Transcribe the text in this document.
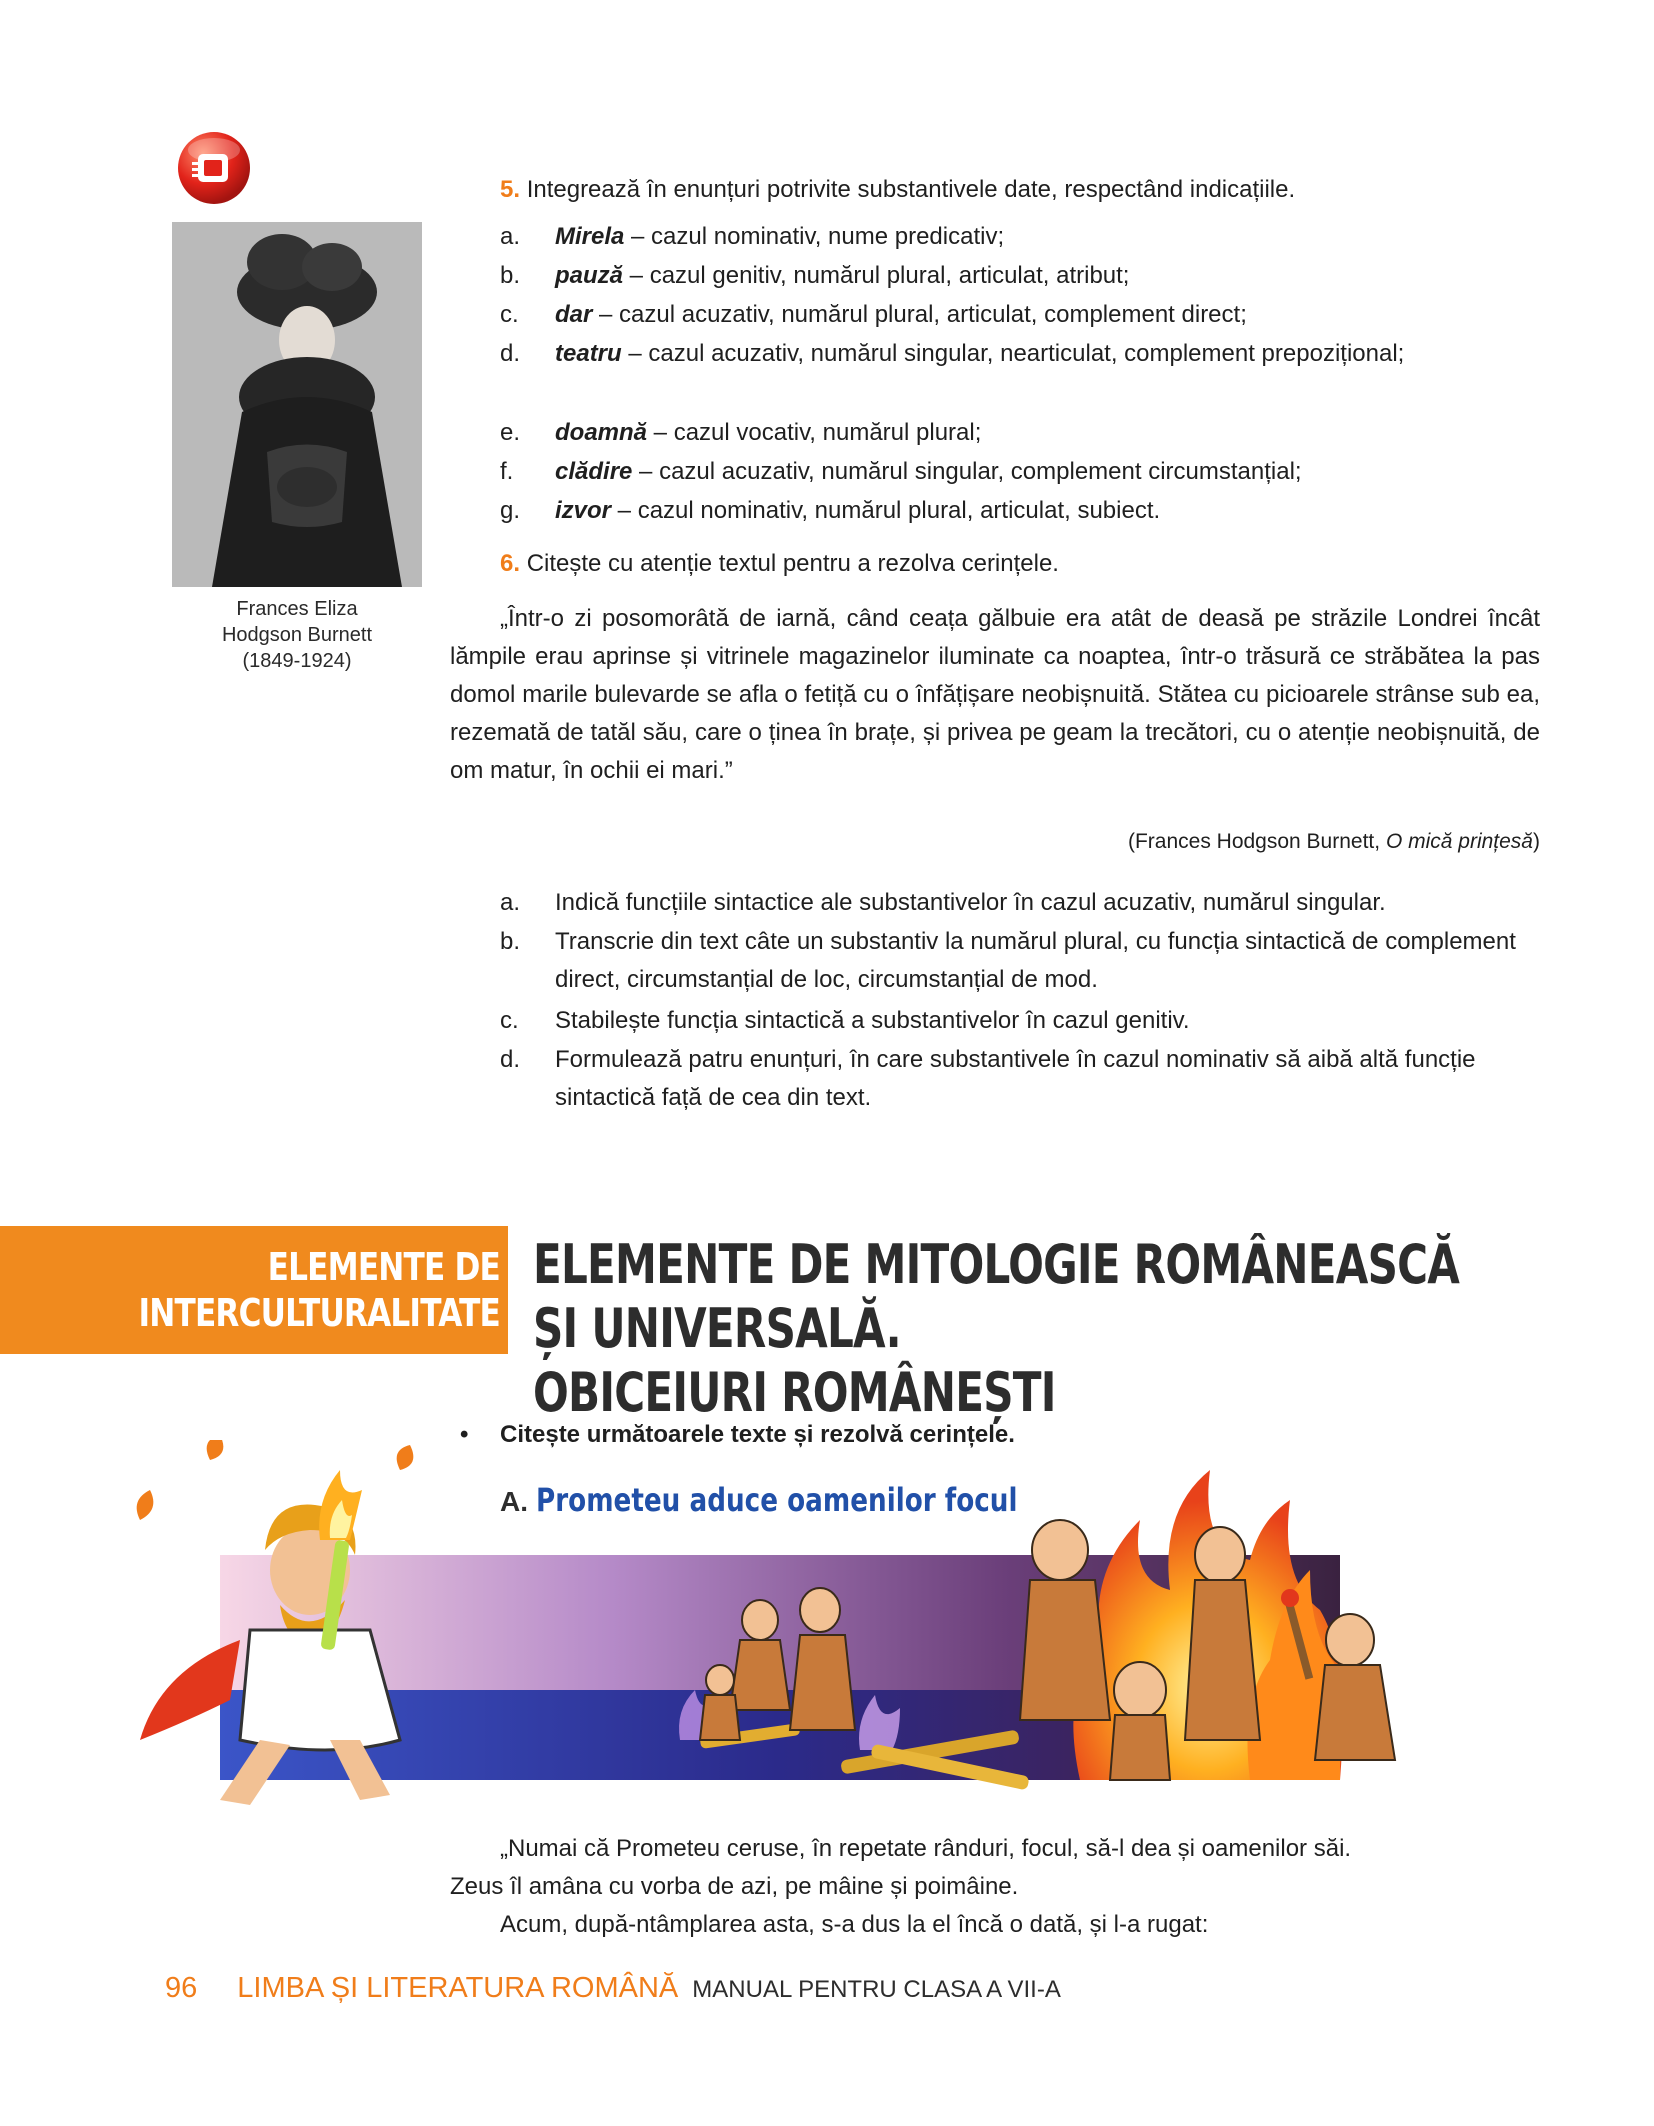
Frances Eliza
Hodgson Burnett
(1849-1924)
5. Integrează în enunțuri potrivite substantivele date, respectând indicațiile.
a.	Mirela – cazul nominativ, nume predicativ;
b.	pauză – cazul genitiv, numărul plural, articulat, atribut;
c.	dar – cazul acuzativ, numărul plural, articulat, complement direct;
d.	teatru – cazul acuzativ, numărul singular, nearticulat, complement prepozițional;
e.	doamnă – cazul vocativ, numărul plural;
f.	clădire – cazul acuzativ, numărul singular, complement circumstanțial;
g.	izvor – cazul nominativ, numărul plural, articulat, subiect.
6. Citește cu atenție textul pentru a rezolva cerințele.

„Într-o zi posomorâtă de iarnă, când ceața gălbuie era atât de deasă pe străzile Londrei încât lămpile erau aprinse și vitrinele magazinelor iluminate ca noaptea, într-o trăsură ce străbătea la pas domol marile bulevarde se afla o fetiță cu o înfățișare neobișnuită. Stătea cu picioarele strânse sub ea, rezemată de tatăl său, care o ținea în brațe, și privea pe geam la trecători, cu o atenție neobișnuită, de om matur, în ochii ei mari.”

(Frances Hodgson Burnett, O mică prințesă)
a.	Indică funcțiile sintactice ale substantivelor în cazul acuzativ, numărul singular.
b.	Transcrie din text câte un substantiv la numărul plural, cu funcția sintactică de complement direct, circumstanțial de loc, circumstanțial de mod.
c.	Stabilește funcția sintactică a substantivelor în cazul genitiv.
d.	Formulează patru enunțuri, în care substantivele în cazul nominativ să aibă altă funcție sintactică față de cea din text.
ELEMENTE DE
INTERCULTURALITATE
ELEMENTE DE MITOLOGIE ROMÂNEASCĂ ȘI UNIVERSALĂ.
OBICEIURI ROMÂNEȘTI
• Citește următoarele texte și rezolvă cerințele.
A. Prometeu aduce oamenilor focul

„Numai că Prometeu ceruse, în repetate rânduri, focul, să-l dea și oamenilor săi.

Zeus îl amâna cu vorba de azi, pe mâine și poimâine.

Acum, după-ntâmplarea asta, s-a dus la el încă o dată, și l-a rugat:

96 LIMBA ȘI LITERATURA ROMÂNĂ MANUAL PENTRU CLASA A VII-A
